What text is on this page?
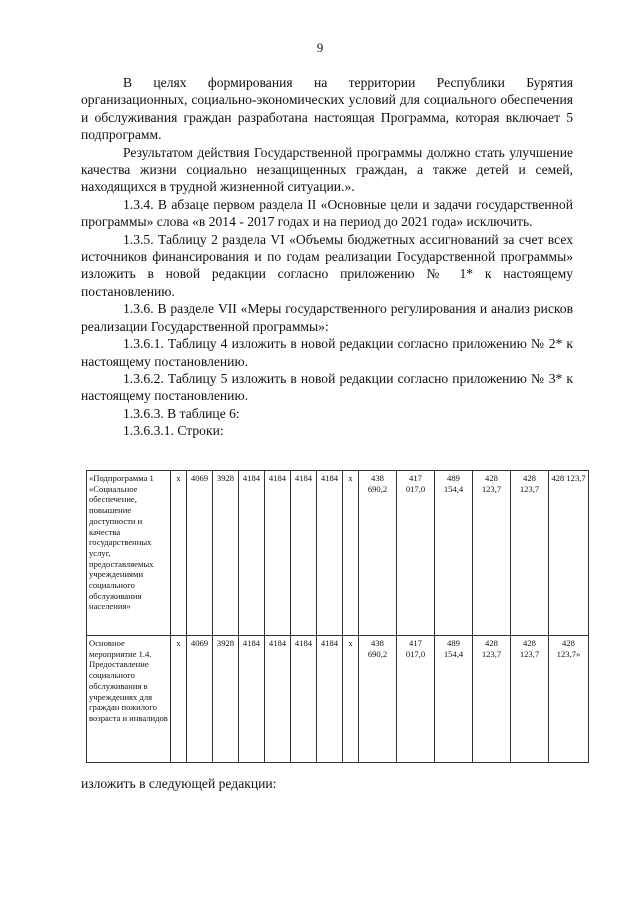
9

В целях формирования на территории Республики Бурятия организационных, социально-экономических условий для социального обеспечения и обслуживания граждан разработана настоящая Программа, которая включает 5 подпрограмм.

Результатом действия Государственной программы должно стать улучшение качества жизни социально незащищенных граждан, а также детей и семей, находящихся в трудной жизненной ситуации.».

1.3.4. В абзаце первом раздела II «Основные цели и задачи государственной программы» слова «в 2014 - 2017 годах и на период до 2021 года» исключить.

1.3.5. Таблицу 2 раздела VI «Объемы бюджетных ассигнований за счет всех источников финансирования и по годам реализации Государственной программы» изложить в новой редакции согласно приложению № 1* к настоящему постановлению.

1.3.6. В разделе VII «Меры государственного регулирования и анализ рисков реализации Государственной программы»:

1.3.6.1. Таблицу 4 изложить в новой редакции согласно приложению № 2* к настоящему постановлению.

1.3.6.2. Таблицу 5 изложить в новой редакции согласно приложению № 3* к настоящему постановлению.

1.3.6.3. В таблице 6:

1.3.6.3.1. Строки:

«Подпрограмма 1 «Социальное обеспечение, повышение доступности и качества государственных услуг, предоставляемых учреждениями социального обслуживания населения»	х	4069	3928	4184	4184	4184	4184	х	438 690,2	417 017,0	489 154,4	428 123,7	428 123,7	428 123,7
Основное мероприятие 1.4. Предоставление социального обслуживания в учреждениях для граждан пожилого возраста и инвалидов	х	4069	3928	4184	4184	4184	4184	х	438 690,2	417 017,0	489 154,4	428 123,7	428 123,7	428 123,7»
изложить в следующей редакции:
